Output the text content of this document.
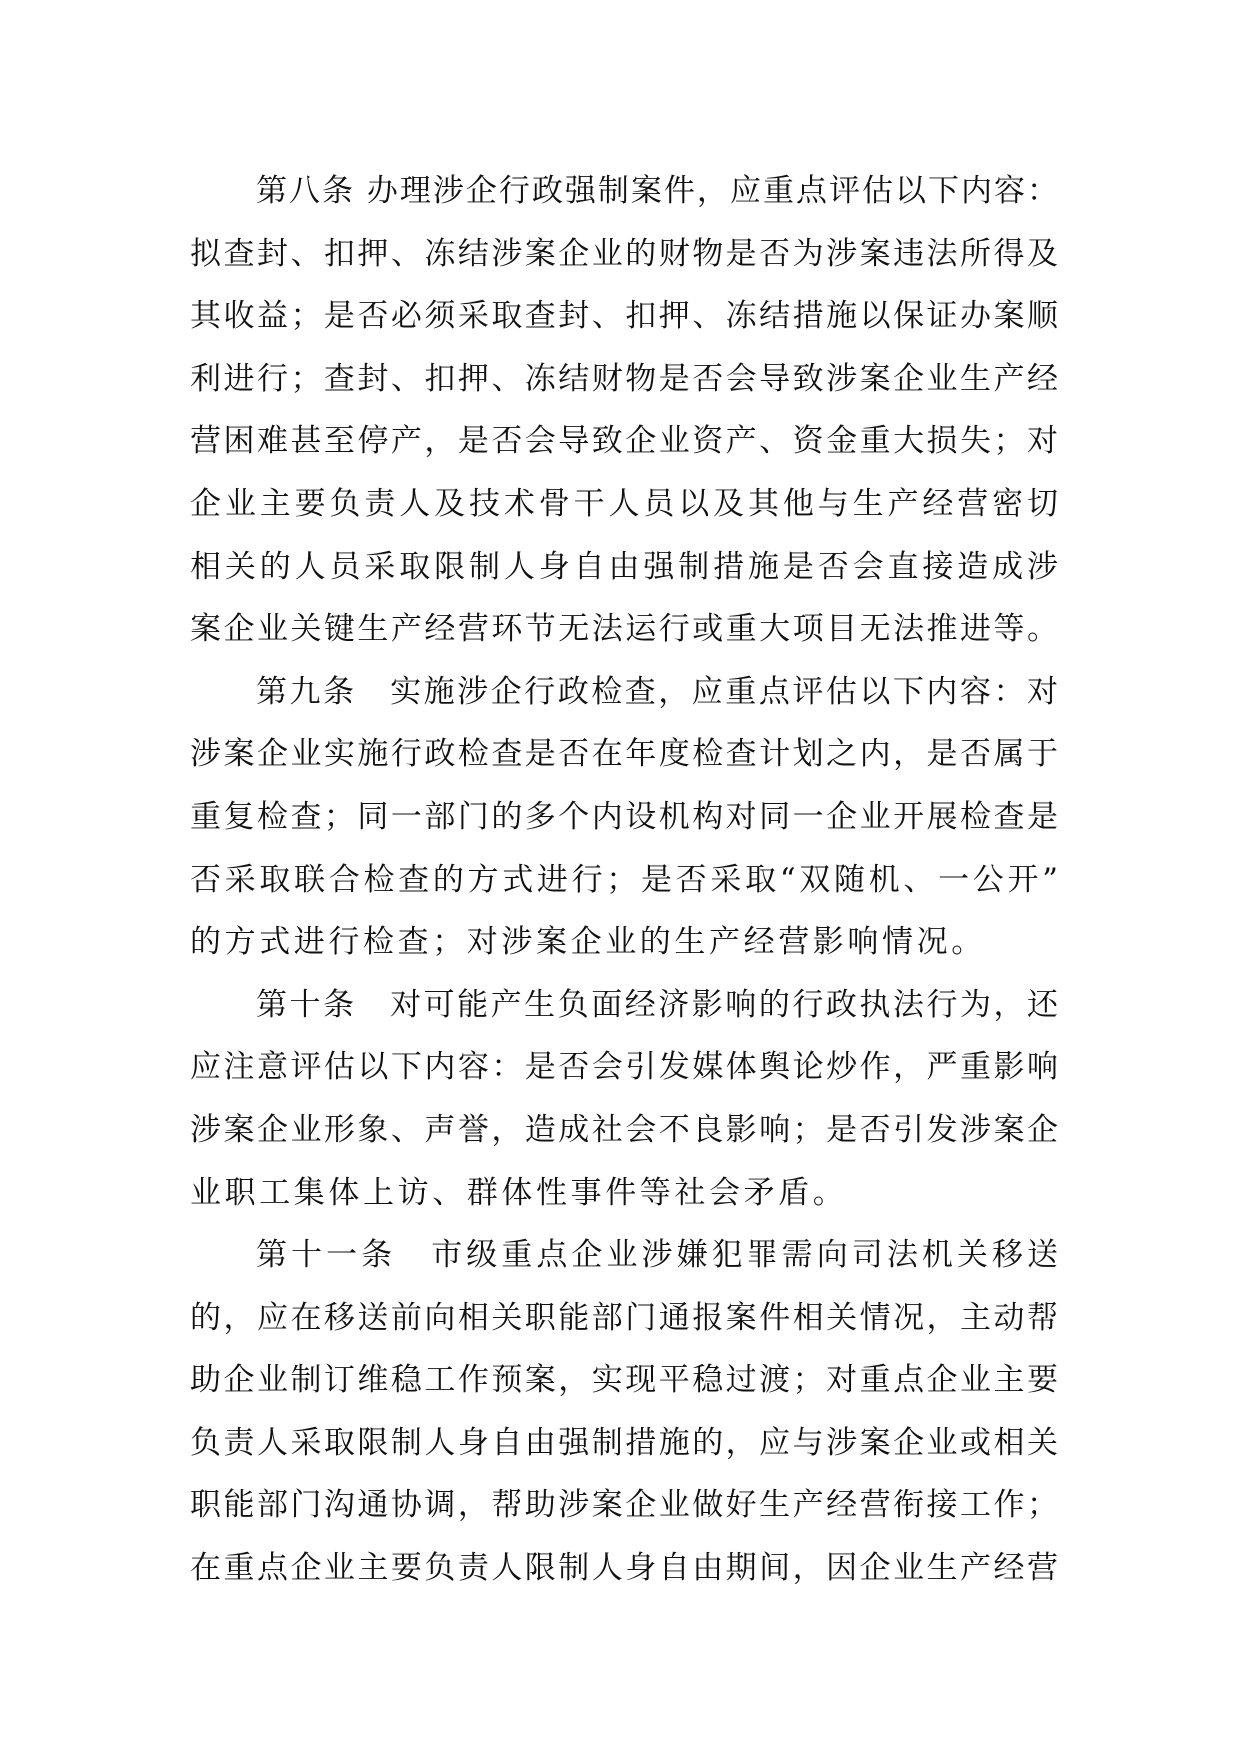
第八条 办理涉企行政强制案件，应重点评估以下内容：
拟查封、扣押、冻结涉案企业的财物是否为涉案违法所得及
其收益；是否必须采取查封、扣押、冻结措施以保证办案顺
利进行；查封、扣押、冻结财物是否会导致涉案企业生产经
营困难甚至停产，是否会导致企业资产、资金重大损失；对
企业主要负责人及技术骨干人员以及其他与生产经营密切
相关的人员采取限制人身自由强制措施是否会直接造成涉
案企业关键生产经营环节无法运行或重大项目无法推进等。
第九条　实施涉企行政检查，应重点评估以下内容：对
涉案企业实施行政检查是否在年度检查计划之内，是否属于
重复检查；同一部门的多个内设机构对同一企业开展检查是
否采取联合检查的方式进行；是否采取“双随机、一公开”
的方式进行检查；对涉案企业的生产经营影响情况。
第十条　对可能产生负面经济影响的行政执法行为，还
应注意评估以下内容：是否会引发媒体舆论炒作，严重影响
涉案企业形象、声誉，造成社会不良影响；是否引发涉案企
业职工集体上访、群体性事件等社会矛盾。
第十一条　市级重点企业涉嫌犯罪需向司法机关移送
的，应在移送前向相关职能部门通报案件相关情况，主动帮
助企业制订维稳工作预案，实现平稳过渡；对重点企业主要
负责人采取限制人身自由强制措施的，应与涉案企业或相关
职能部门沟通协调，帮助涉案企业做好生产经营衔接工作；
在重点企业主要负责人限制人身自由期间，因企业生产经营
